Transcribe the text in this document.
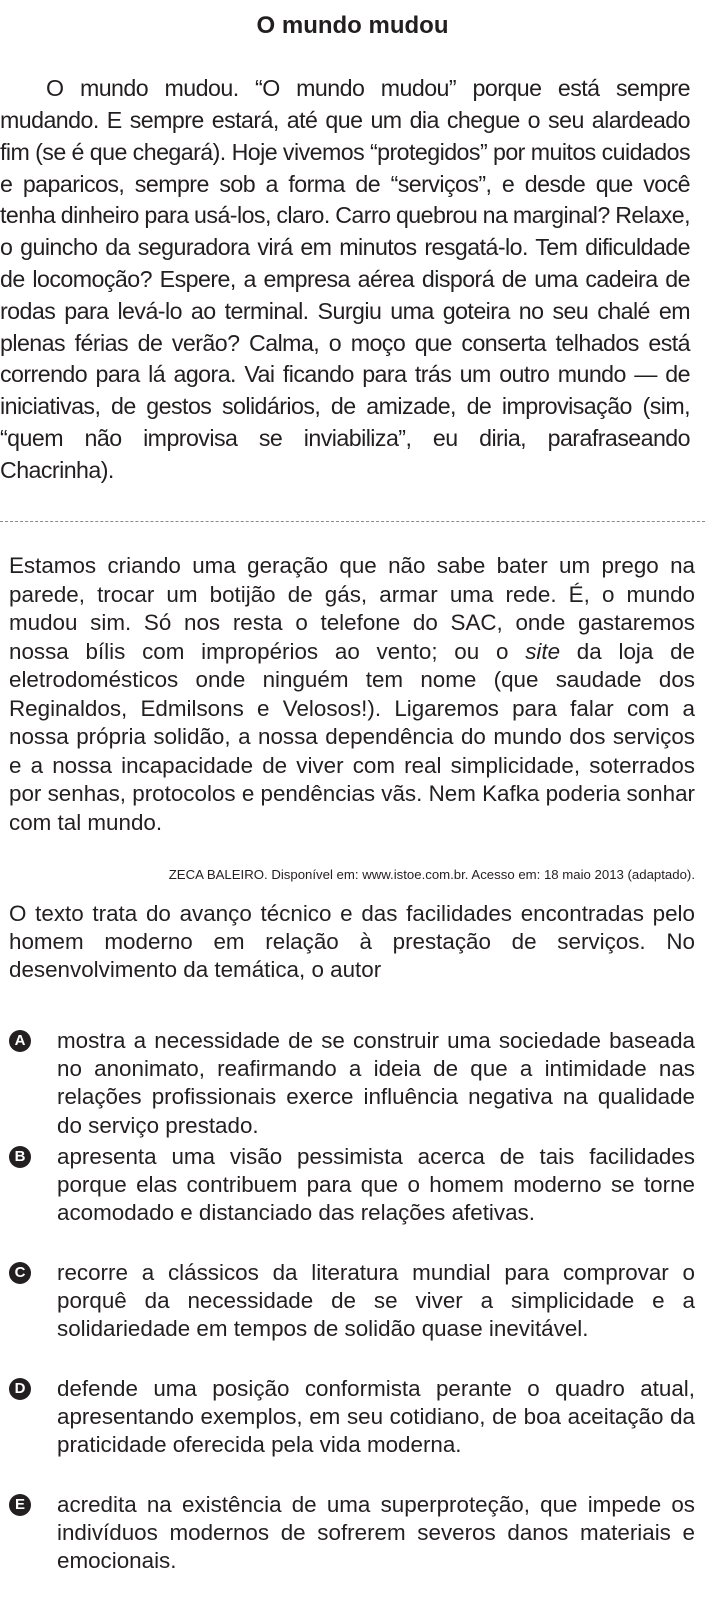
O mundo mudou

O mundo mudou. “O mundo mudou” porque está sempre mudando. E sempre estará, até que um dia chegue o seu alardeado fim (se é que chegará). Hoje vivemos “protegidos” por muitos cuidados e paparicos, sempre sob a forma de “serviços”, e desde que você tenha dinheiro para usá-los, claro. Carro quebrou na marginal? Relaxe, o guincho da seguradora virá em minutos resgatá-lo. Tem dificuldade de locomoção? Espere, a empresa aérea disporá de uma cadeira de rodas para levá-lo ao terminal. Surgiu uma goteira no seu chalé em plenas férias de verão? Calma, o moço que conserta telhados está correndo para lá agora. Vai ficando para trás um outro mundo — de iniciativas, de gestos solidários, de amizade, de improvisação (sim, “quem não improvisa se inviabiliza”, eu diria, parafraseando Chacrinha).

Estamos criando uma geração que não sabe bater um prego na parede, trocar um botijão de gás, armar uma rede. É, o mundo mudou sim. Só nos resta o telefone do SAC, onde gastaremos nossa bílis com impropérios ao vento; ou o site da loja de eletrodomésticos onde ninguém tem nome (que saudade dos Reginaldos, Edmilsons e Velosos!). Ligaremos para falar com a nossa própria solidão, a nossa dependência do mundo dos serviços e a nossa incapacidade de viver com real simplicidade, soterrados por senhas, protocolos e pendências vãs. Nem Kafka poderia sonhar com tal mundo.

ZECA BALEIRO. Disponível em: www.istoe.com.br. Acesso em: 18 maio 2013 (adaptado).
O texto trata do avanço técnico e das facilidades encontradas pelo homem moderno em relação à prestação de serviços. No desenvolvimento da temática, o autor
A mostra a necessidade de se construir uma sociedade baseada no anonimato, reafirmando a ideia de que a intimidade nas relações profissionais exerce influência negativa na qualidade do serviço prestado.
B apresenta uma visão pessimista acerca de tais facilidades porque elas contribuem para que o homem moderno se torne acomodado e distanciado das relações afetivas.
C recorre a clássicos da literatura mundial para comprovar o porquê da necessidade de se viver a simplicidade e a solidariedade em tempos de solidão quase inevitável.
D defende uma posição conformista perante o quadro atual, apresentando exemplos, em seu cotidiano, de boa aceitação da praticidade oferecida pela vida moderna.
E acredita na existência de uma superproteção, que impede os indivíduos modernos de sofrerem severos danos materiais e emocionais.
